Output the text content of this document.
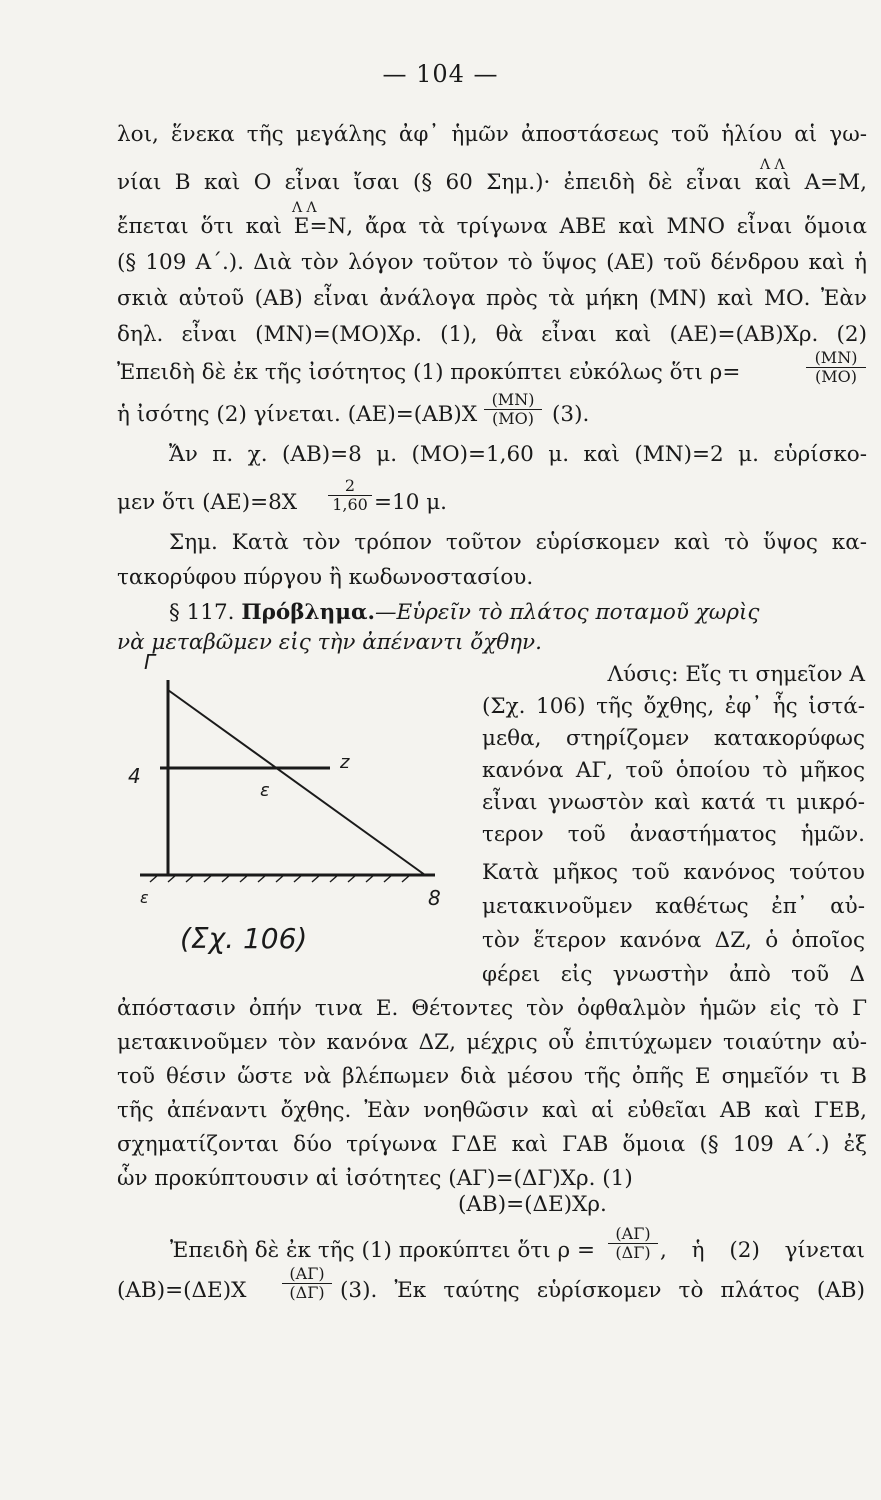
— 104 —
λοι, ἕνεκα τῆς μεγάλης ἀφ᾽ ἡμῶν ἀποστάσεως τοῦ ἡλίου αἱ γω-
Λ Λ
νίαι Β καὶ Ο εἶναι ἴσαι (§ 60 Σημ.)· ἐπειδὴ δὲ εἶναι καὶ Α=Μ,
Λ Λ
ἔπεται ὅτι καὶ Ε=Ν, ἄρα τὰ τρίγωνα ΑΒΕ καὶ ΜΝΟ εἶναι ὅμοια
(§ 109 Α΄.). Διὰ τὸν λόγον τοῦτον τὸ ὕψος (ΑΕ) τοῦ δένδρου καὶ ἡ
σκιὰ αὐτοῦ (ΑΒ) εἶναι ἀνάλογα πρὸς τὰ μήκη (ΜΝ) καὶ ΜΟ. Ἐὰν
δηλ. εἶναι (ΜΝ)=(ΜΟ)Χρ. (1), θὰ εἶναι καὶ (ΑΕ)=(ΑΒ)Χρ. (2)
Ἐπειδὴ δὲ ἐκ τῆς ἰσότητος (1) προκύπτει εὐκόλως ὅτι ρ=
(ΜΝ)
(ΜΟ)
ἡ ἰσότης (2) γίνεται. (ΑΕ)=(ΑΒ)Χ
(ΜΝ)
(ΜΟ) (3).
Ἄν π. χ. (ΑΒ)=8 μ. (ΜΟ)=1,60 μ. καὶ (ΜΝ)=2 μ. εὑρίσκο-
μεν ὅτι (ΑΕ)=8Χ
2
1,60 =10 μ.
Σημ. Κατὰ τὸν τρόπον τοῦτον εὑρίσκομεν καὶ τὸ ὕψος κα-
τακορύφου πύργου ἢ κωδωνοστασίου.
§ 117. Πρόβλημα.—Εὑρεῖν τὸ πλάτος ποταμοῦ χωρὶς
νὰ μεταβῶμεν εἰς τὴν ἀπέναντι ὄχθην.
Λύσις: Εἴς τι σημεῖον Α
(Σχ. 106) τῆς ὄχθης, ἐφ᾽ ἧς ἱστά-
μεθα, στηρίζομεν κατακορύφως
κανόνα ΑΓ, τοῦ ὁποίου τὸ μῆκος
εἶναι γνωστὸν καὶ κατά τι μικρό-
τερον τοῦ ἀναστήματος ἡμῶν.
Κατὰ μῆκος τοῦ κανόνος τούτου
μετακινοῦμεν καθέτως ἐπ᾽ αὐ-
τὸν ἕτερον κανόνα ΔΖ, ὁ ὁποῖος
φέρει εἰς γνωστὴν ἀπὸ τοῦ Δ
Γ
4
z
ε
ɛ	8
(Σχ. 106)
ἀπόστασιν ὀπήν τινα Ε. Θέτοντες τὸν ὀφθαλμὸν ἡμῶν εἰς τὸ Γ
μετακινοῦμεν τὸν κανόνα ΔΖ, μέχρις οὗ ἐπιτύχωμεν τοιαύτην αὐ-
τοῦ θέσιν ὥστε νὰ βλέπωμεν διὰ μέσου τῆς ὀπῆς Ε σημεῖόν τι Β
τῆς ἀπέναντι ὄχθης. Ἐὰν νοηθῶσιν καὶ αἱ εὐθεῖαι ΑΒ καὶ ΓΕΒ,
σχηματίζονται δύο τρίγωνα ΓΔΕ καὶ ΓΑΒ ὅμοια (§ 109 Α΄.) ἐξ
ὧν προκύπτουσιν αἱ ἰσότητες (ΑΓ)=(ΔΓ)Χρ. (1)
(ΑΒ)=(ΔΕ)Χρ.
Ἐπειδὴ δὲ ἐκ τῆς (1) προκύπτει ὅτι ρ =
(ΑΓ)
(ΔΓ) , ἡ (2) γίνεται
(ΑΒ)=(ΔΕ)Χ
(ΑΓ)
(ΔΓ) (3). Ἐκ ταύτης εὑρίσκομεν τὸ πλάτος (ΑΒ)
